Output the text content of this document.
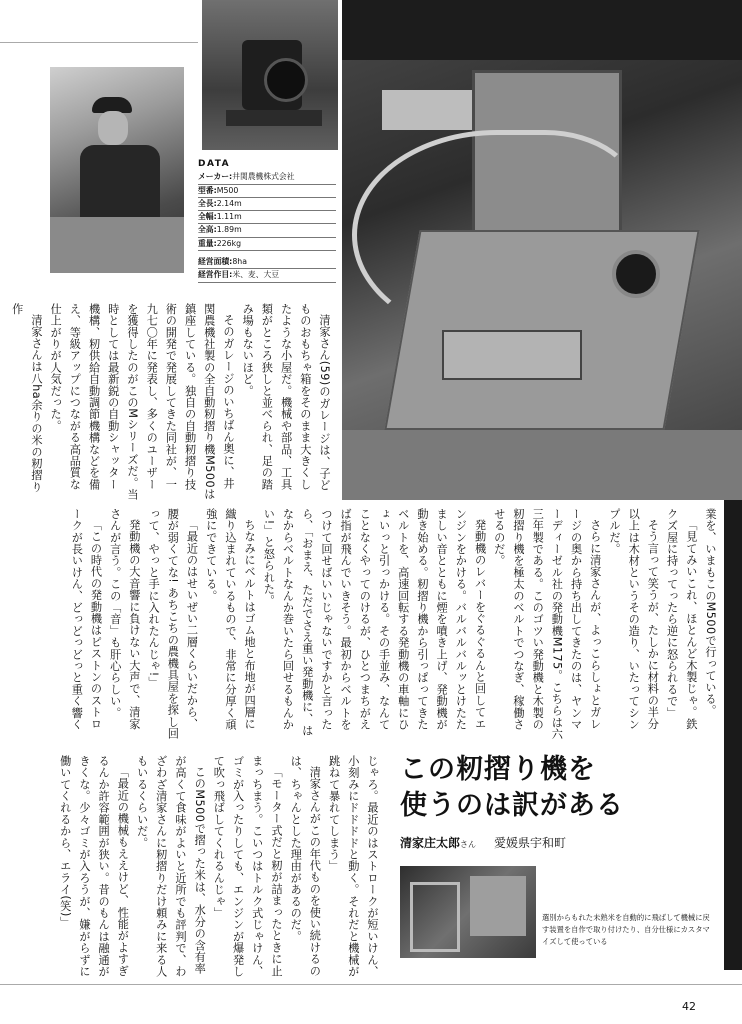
DATA
メーカー: 井関農機株式会社
型番: M500
全長: 2.14m
全幅: 1.11m
全高: 1.89m
重量: 226kg
経営面積: 8ha
経営作目: 米、麦、大豆

清家さん(59)のガレージは、子どものおもちゃ箱をそのまま大きくしたような小屋だ。機械や部品、工具類がところ狭しと並べられ、足の踏み場もないほど。

そのガレージのいちばん奥に、井関農機社製の全自動籾摺り機M500は鎮座している。独自の自動籾摺り技術の開発で発展してきた同社が、一九七〇年に発表し、多くのユーザーを獲得したのがこのMシリーズだ。当時としては最新鋭の自動シャッター機構、籾供給自動調節機構などを備え、等級アップにつながる高品質な仕上がりが人気だった。

清家さんは八ha余りの米の籾摺り作

業を、いまもこのM500で行っている。

「見てみいこれ、ほとんど木製じゃ。鉄クズ屋に持ってったら逆に怒られるで」

そう言って笑うが、たしかに材料の半分以上は木材というその造り、いたってシンプルだ。

さらに清家さんが、よっこらしょとガレージの奥から持ち出してきたのは、ヤンマーディーゼル社の発動機M175。こちらは六三年製である。このゴツい発動機と木製の籾摺り機を極太のベルトでつなぎ、稼働させるのだ。

発動機のレバーをぐるぐるんと回してエンジンをかける。バルバルバルッとけたたましい音とともに煙を噴き上げ、発動機が動き始める。籾摺り機から引っぱってきたベルトを、高速回転する発動機の車軸にひょいっと引っかける。その手並み、なんてことなくやってのけるが、ひとつまちがえば指が飛んでいきそう。最初からベルトをつけて回せばいいじゃないですかと言ったら、「おまえ、ただでさえ重い発動機に、はなからベルトなんか巻いたら回せるもんかい!」と怒られた。

ちなみにベルトはゴム地と布地が四層に織り込まれているもので、非常に分厚く頑強にできている。

「最近のはせいぜい二層くらいだから、腰が弱くてな! あちこちの農機具屋を探し回って、やっと手に入れたんじゃ!」

発動機の大音響に負けない大声で、清家さんが言う。この「音」も肝心らしい。

「この時代の発動機はピストンのストロークが長いけん、どっどっどっと重く響く

じゃろ。最近のはストロークが短いけん、小刻みにドドドドと動く。それだと機械が跳ねて暴れてしまう」

清家さんがこの年代ものを使い続けるのは、ちゃんとした理由があるのだ。

「モーター式だと籾が詰まったときに止まっちまう。こいつはトルク式じゃけん、ゴミが入ったりしても、エンジンが爆発して吹っ飛ばしてくれるんじゃ」

このM500で摺った米は、水分の含有率が高くて食味がよいと近所でも評判で、わざわざ清家さんに籾摺りだけ頼みに来る人もいるくらいだ。

「最近の機械もええけど、性能がよすぎるんか許容範囲が狭い。昔のもんは融通がきくな。少々ゴミが入ろうが、嫌がらずに働いてくれるから、エライ(笑)」	この籾摺り機を
使うのは訳がある
清家庄太郎さん 愛媛県宇和町
選別からもれた未熟米を自動的に飛ばして機械に戻す装置を自作で取り付けたり、自分仕様にカスタマイズして使っている
42
